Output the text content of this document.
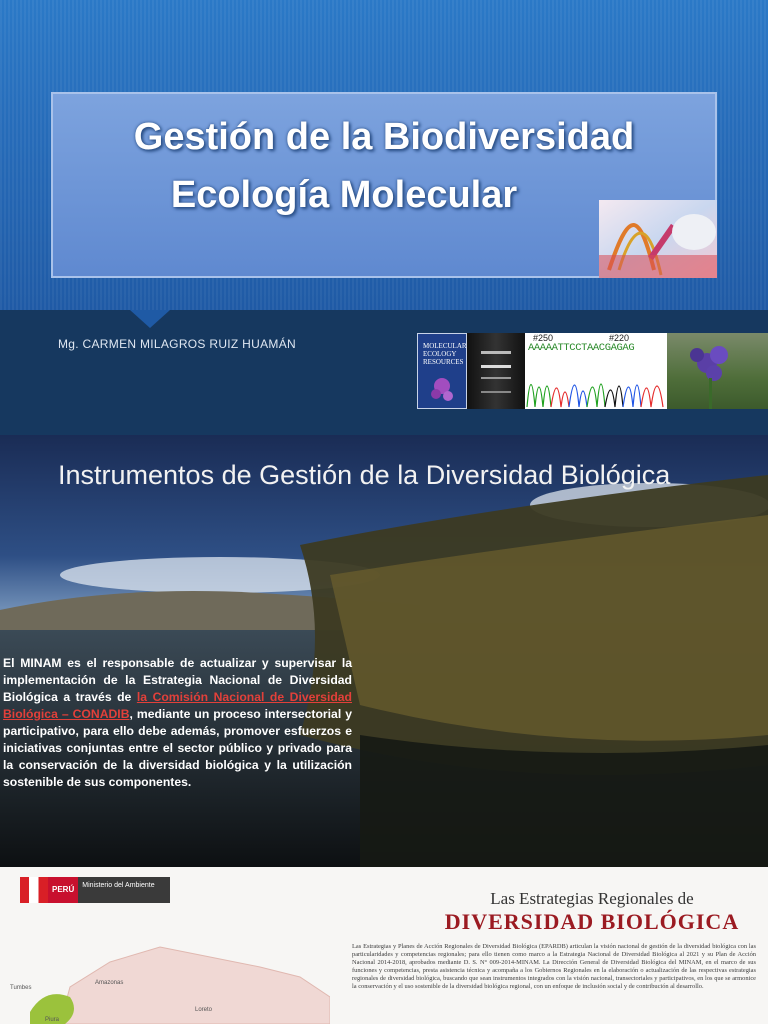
Gestión de la Biodiversidad
Ecología Molecular
Mg. CARMEN MILAGROS RUIZ HUAMÁN	MOLECULAR ECOLOGY RESOURCES
#250	#220
AAAAATTCCTAACGAGAG
Instrumentos de Gestión de la Diversidad Biológica
El MINAM es el responsable de actualizar y supervisar la implementación de la Estrategia Nacional de Diversidad Biológica a través de la Comisión Nacional de Diversidad Biológica – CONADIB, mediante un proceso intersectorial y participativo, para ello debe además, promover esfuerzos e iniciativas conjuntas entre el sector público y privado para la conservación de la diversidad biológica y la utilización sostenible de sus componentes.
PERÚ	Ministerio del Ambiente
Tumbes
Amazonas
Loreto
Piura
Las Estrategias Regionales de
DIVERSIDAD BIOLÓGICA
Las Estrategias y Planes de Acción Regionales de Diversidad Biológica (EPARDB) articulan la visión nacional de gestión de la diversidad biológica con las particularidades y competencias regionales; para ello tienen como marco a la Estrategia Nacional de Diversidad Biológica al 2021 y su Plan de Acción Nacional 2014-2018, aprobados mediante D. S. N° 009-2014-MINAM. La Dirección General de Diversidad Biológica del MINAM, en el marco de sus funciones y competencias, presta asistencia técnica y acompaña a los Gobiernos Regionales en la elaboración o actualización de las respectivas estrategias regionales de diversidad biológica, buscando que sean instrumentos integrados con la visión nacional, transectoriales y participativos, en los que se armonice la conservación y el uso sostenible de la diversidad biológica regional, con un enfoque de inclusión social y de contribución al desarrollo.
